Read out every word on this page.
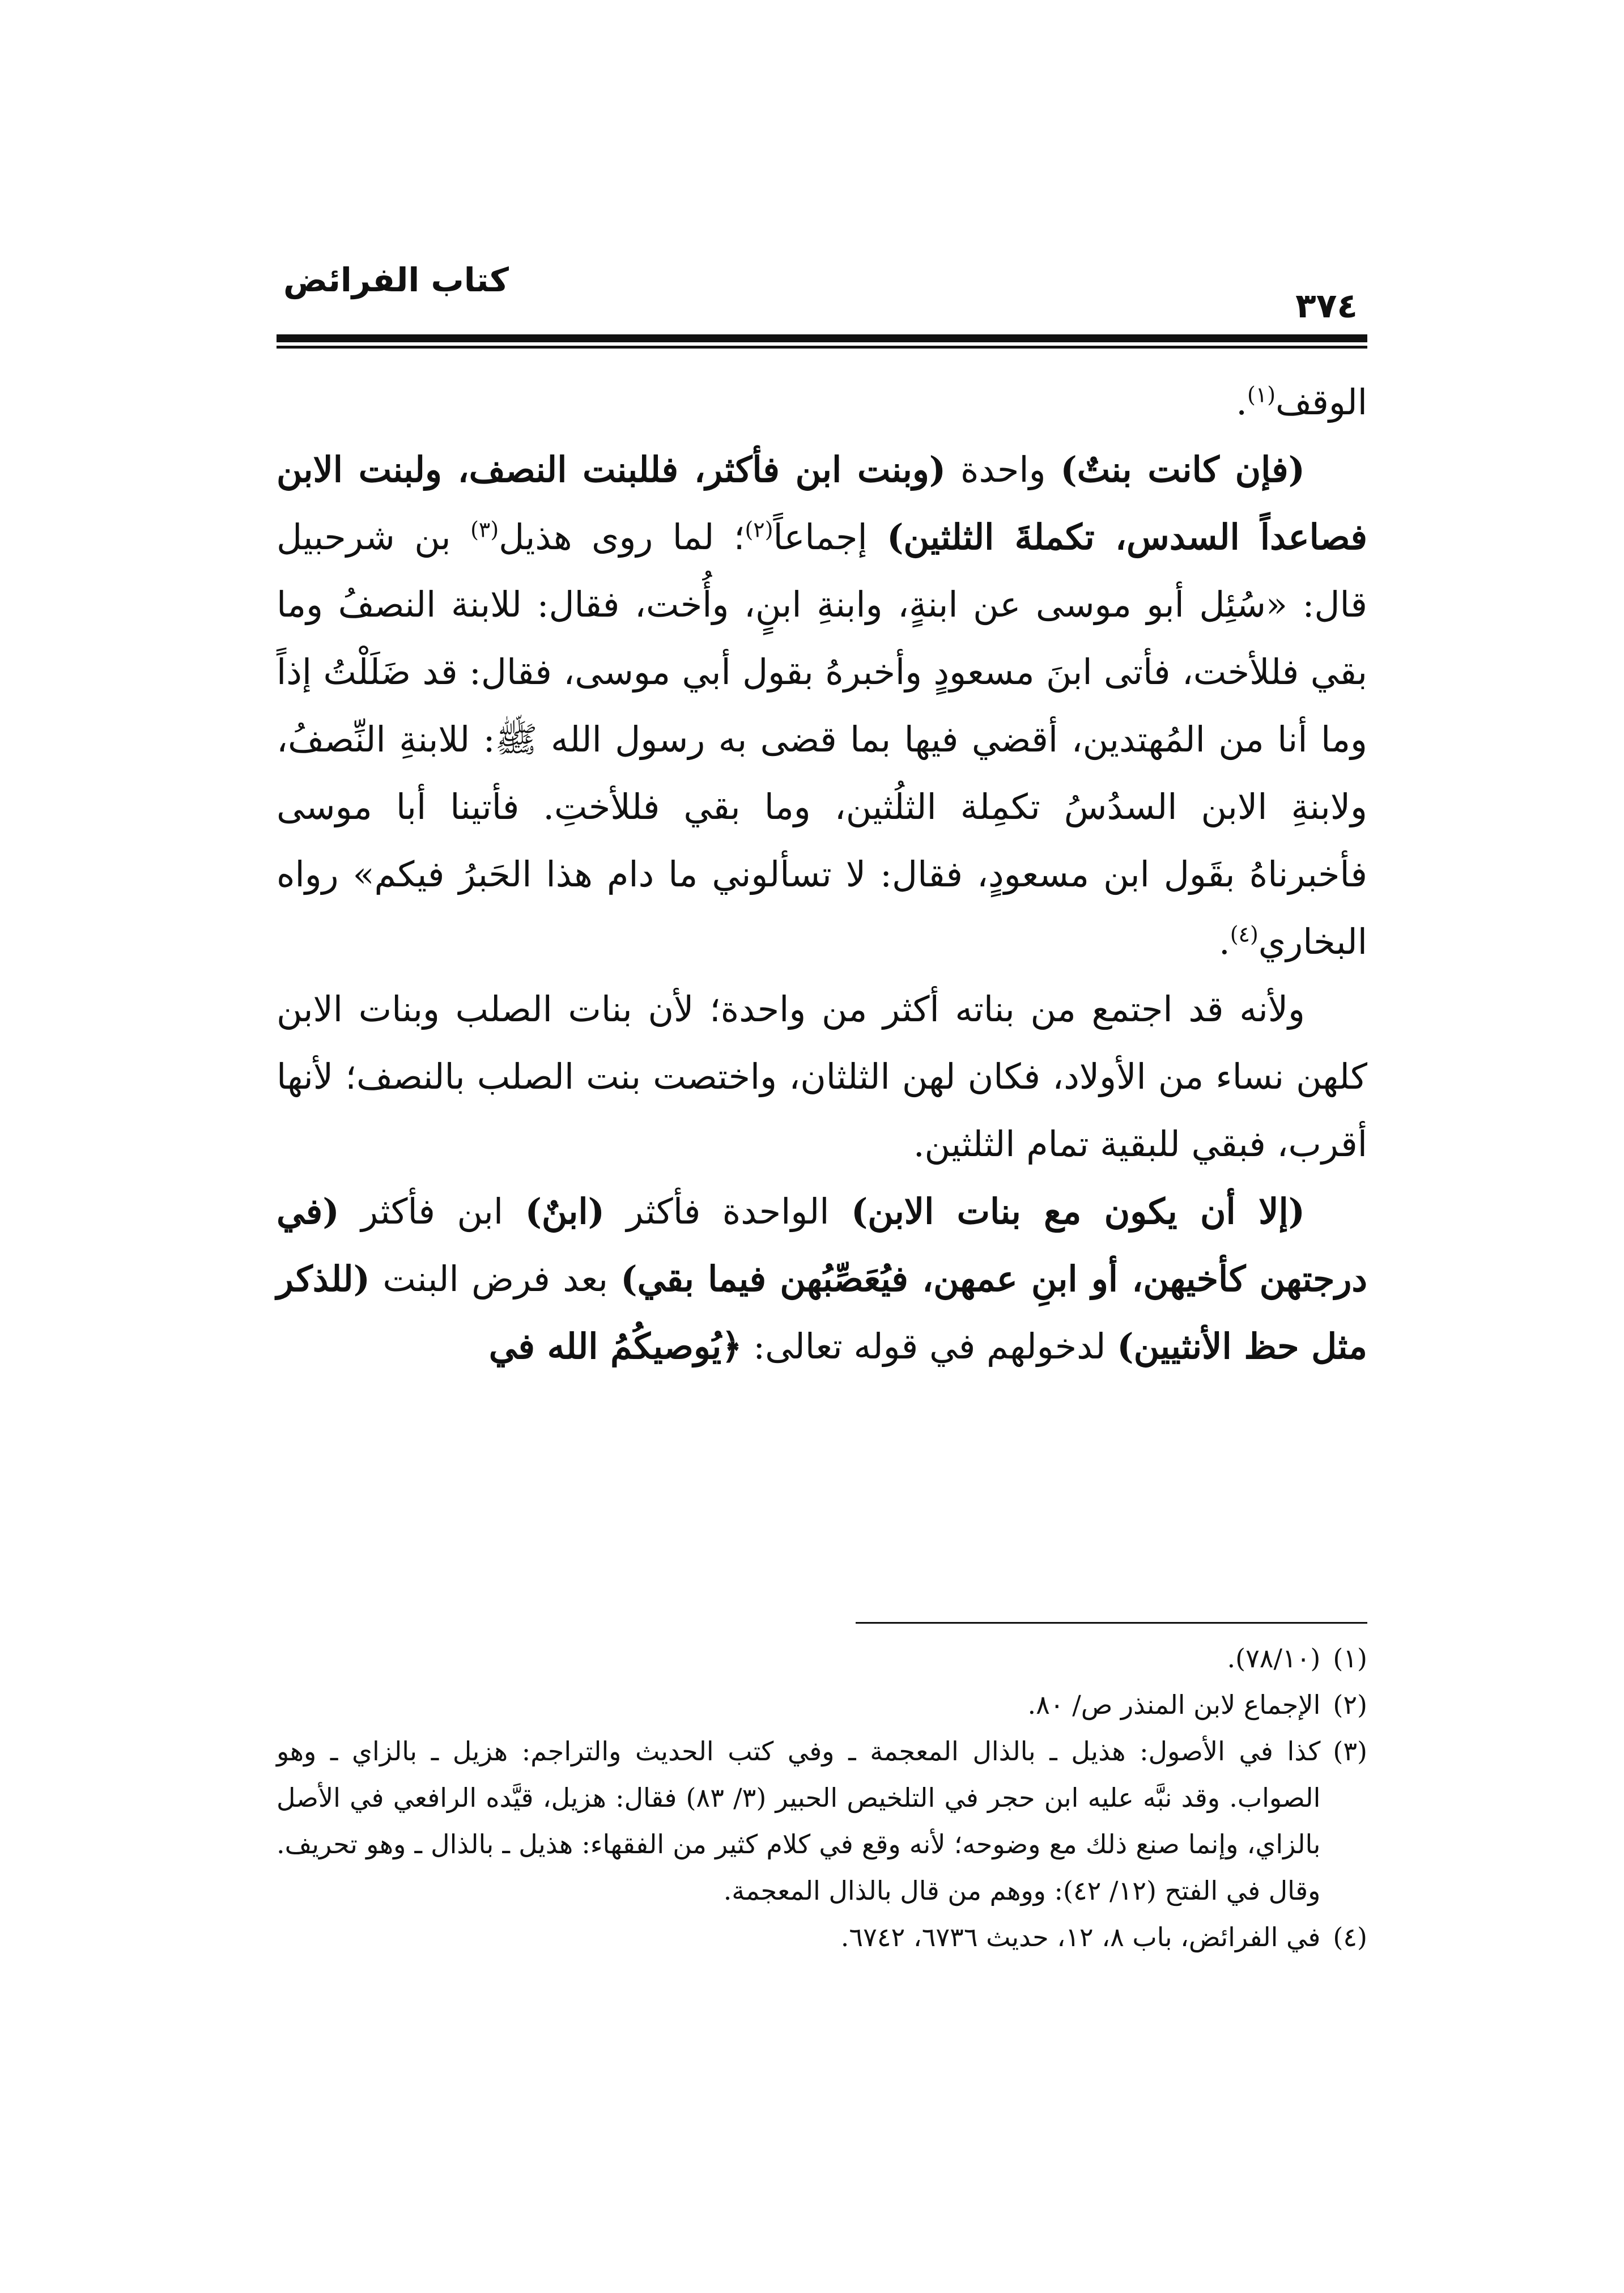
كتاب الفرائض
٣٧٤

الوقف$^{(١)}$.

(فإن كانت بنتٌ) واحدة (وبنت ابن فأكثر، فللبنت النصف، ولبنت الابن فصاعداً السدس، تكملةَ الثلثين) إجماعاً$^{(٢)}$؛ لما روى هذيل$^{(٣)}$ بن شرحبيل قال: «سُئِل أبو موسى عن ابنةٍ، وابنةِ ابنٍ، وأُخت، فقال: للابنة النصفُ وما بقي فللأخت، فأتى ابنَ مسعودٍ وأخبرهُ بقول أبي موسى، فقال: قد ضَلَلْتُ إذاً وما أنا من المُهتدين، أقضي فيها بما قضى به رسول الله ﷺ: للابنةِ النِّصفُ، ولابنةِ الابن السدُسُ تكمِلة الثلُثين، وما بقي فللأختِ. فأتينا أبا موسى فأخبرناهُ بقَول ابن مسعودٍ، فقال: لا تسألوني ما دام هذا الحَبرُ فيكم» رواه البخاري$^{(٤)}$.

ولأنه قد اجتمع من بناته أكثر من واحدة؛ لأن بنات الصلب وبنات الابن كلهن نساء من الأولاد، فكان لهن الثلثان، واختصت بنت الصلب بالنصف؛ لأنها أقرب، فبقي للبقية تمام الثلثين.

(إلا أن يكون مع بنات الابن) الواحدة فأكثر (ابنٌ) ابن فأكثر (في درجتهن كأخيهن، أو ابنِ عمهن، فيُعَصِّبُهن فيما بقي) بعد فرض البنت (للذكر مثل حظ الأنثيين) لدخولهم في قوله تعالى: ﴿يُوصيكُمُ الله في

(١)
(٧٨/١٠).
(٢)
الإجماع لابن المنذر ص/ ٨٠.
(٣)
كذا في الأصول: هذيل ـ بالذال المعجمة ـ وفي كتب الحديث والتراجم: هزيل ـ بالزاي ـ وهو الصواب. وقد نبَّه عليه ابن حجر في التلخيص الحبير (٣/ ٨٣) فقال: هزيل، قيَّده الرافعي في الأصل بالزاي، وإنما صنع ذلك مع وضوحه؛ لأنه وقع في كلام كثير من الفقهاء: هذيل ـ بالذال ـ وهو تحريف. وقال في الفتح (١٢/ ٤٢): ووهم من قال بالذال المعجمة.
(٤)
في الفرائض، باب ٨، ١٢، حديث ٦٧٣٦، ٦٧٤٢.
